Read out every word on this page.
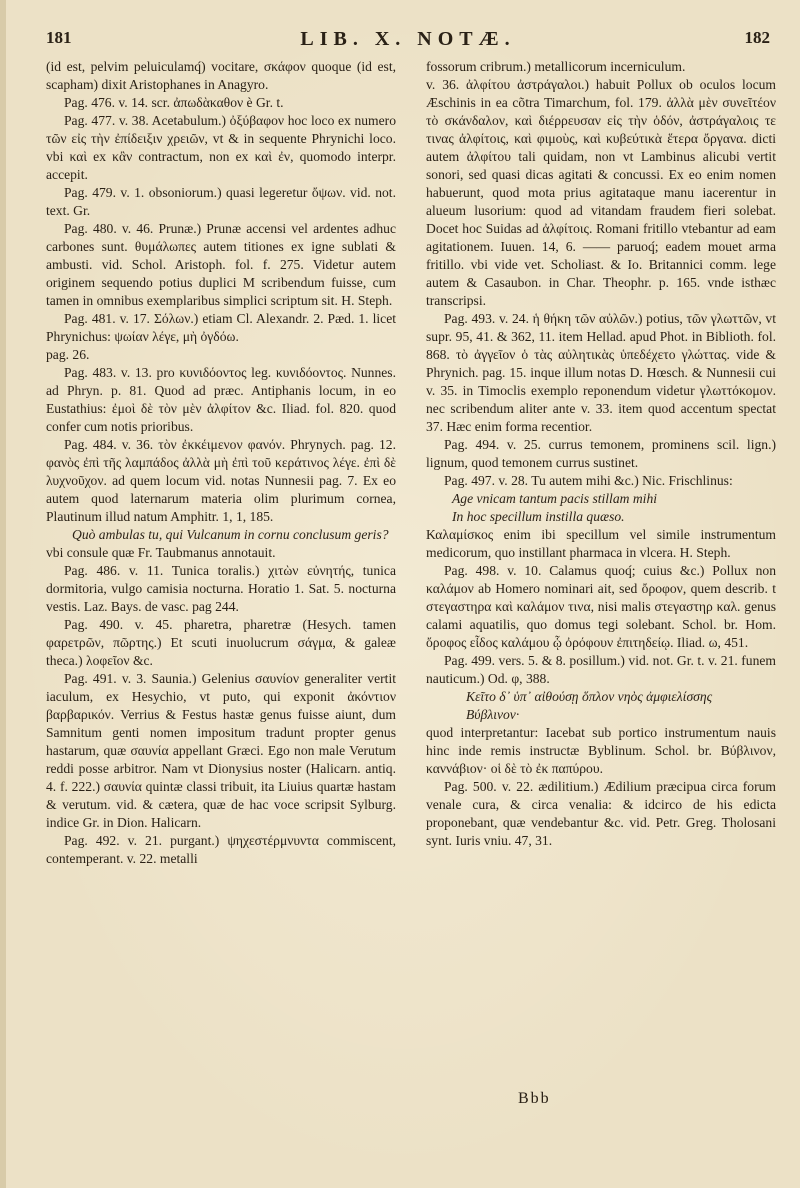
181	LIB. X. NOTÆ.	182

(id est, pelvim peluiculamq́) vocitare, σκάφον quoque (id est, scapham) dixit Aristophanes in Anagyro.

Pag. 476. v. 14. scr. ἀπωδὰκαθον è Gr. t.

Pag. 477. v. 38. Acetabulum.) ὀξύβαφον hoc loco ex numero τῶν εἰς τὴν ἐπίδειξιν χρειῶν, vt & in sequente Phrynichi loco. vbi καὶ ex κἂν contractum, non ex καὶ ἐν, quomodo interpr. accepit.

Pag. 479. v. 1. obsoniorum.) quasi legeretur ὄψων. vid. not. text. Gr.

Pag. 480. v. 46. Prunæ.) Prunæ accensi vel ardentes adhuc carbones sunt. θυμάλωπες autem titiones ex igne sublati & ambusti. vid. Schol. Aristoph. fol. f. 275. Videtur autem originem sequendo potius duplici M scribendum fuisse, cum tamen in omnibus exemplaribus simplici scriptum sit. H. Steph.

Pag. 481. v. 17. Σόλων.) etiam Cl. Alexandr. 2. Pæd. 1. licet Phrynichus: ψωίαν λέγε, μὴ ὀγδόω.

pag. 26.

Pag. 483. v. 13. pro κυνιδόοντος leg. κυνιδόοντος. Nunnes. ad Phryn. p. 81. Quod ad præc. Antiphanis locum, in eo Eustathius: ἐμοὶ δὲ τὸν μὲν ἀλφίτον &c. Iliad. fol. 820. quod confer cum notis prioribus.

Pag. 484. v. 36. τὸν ἐκκέιμενον φανόν. Phrynych. pag. 12. φανὸς ἐπὶ τῆς λαμπάδος ἀλλὰ μὴ ἐπὶ τοῦ κεράτινος λέγε. ἐπὶ δὲ λυχνοῦχον. ad quem locum vid. notas Nunnesii pag. 7. Ex eo autem quod laternarum materia olim plurimum cornea, Plautinum illud natum Amphitr. 1, 1, 185.

Quò ambulas tu, qui Vulcanum in cornu conclusum geris?

vbi consule quæ Fr. Taubmanus annotauit.

Pag. 486. v. 11. Tunica toralis.) χιτὼν εὐνητής, tunica dormitoria, vulgo camisia nocturna. Horatio 1. Sat. 5. nocturna vestis. Laz. Bays. de vasc. pag 244.

Pag. 490. v. 45. pharetra, pharetræ (Hesych. tamen φαρετρῶν, πῶρτης.) Et scuti inuolucrum σάγμα, & galeæ theca.) λοφεῖον &c.

Pag. 491. v. 3. Saunia.) Gelenius σαυνίον generaliter vertit iaculum, ex Hesychio, vt puto, qui exponit ἀκόντιον βαρβαρικόν. Verrius & Festus hastæ genus fuisse aiunt, dum Samnitum genti nomen impositum tradunt propter genus hastarum, quæ σαυνία appellant Græci. Ego non male Verutum reddi posse arbitror. Nam vt Dionysius noster (Halicarn. antiq. 4. f. 222.) σαυνία quintæ classi tribuit, ita Liuius quartæ hastam & verutum. vid. & cætera, quæ de hac voce scripsit Sylburg. indice Gr. in Dion. Halicarn.

Pag. 492. v. 21. purgant.) ψηχεστέρμνυντα commiscent, contemperant. v. 22. metalli

fossorum cribrum.) metallicorum incerniculum.

v. 36. ἀλφίτου ἀστράγαλοι.) habuit Pollux ob oculos locum Æschinis in ea cõtra Timarchum, fol. 179. ἀλλὰ μὲν συνεῖτέον τὸ σκάνδαλον, καὶ διέρρευσαν εἰς τὴν ὁδόν, ἀστράγαλοις τε τινας ἀλφίτοις, καὶ φιμοὺς, καὶ κυβεύτικὰ ἕτερα ὄργανα. dicti autem ἀλφίτου tali quidam, non vt Lambinus alicubi vertit sonori, sed quasi dicas agitati & concussi. Ex eo enim nomen habuerunt, quod mota prius agitataque manu iacerentur in alueum lusorium: quod ad vitandam fraudem fieri solebat. Docet hoc Suidas ad ἀλφίτοις. Romani fritillo vtebantur ad eam agitationem. Iuuen. 14, 6. —— paruoq́; eadem mouet arma fritillo. vbi vide vet. Scholiast. & Io. Britannici comm. lege autem & Casaubon. in Char. Theophr. p. 165. vnde isthæc transcripsi.

Pag. 493. v. 24. ἡ θήκη τῶν αὐλῶν.) potius, τῶν γλωττῶν, vt supr. 95, 41. & 362, 11. item Hellad. apud Phot. in Biblioth. fol. 868. τὸ ἀγγεῖον ὁ τὰς αὐλητικὰς ὑπεδέχετο γλώττας. vide & Phrynich. pag. 15. inque illum notas D. Hœsch. & Nunnesii cui v. 35. in Timoclis exemplo reponendum videtur γλωττόκομον. nec scribendum aliter ante v. 33. item quod accentum spectat 37. Hæc enim forma recentior.

Pag. 494. v. 25. currus temonem, prominens scil. lign.) lignum, quod temonem currus sustinet.

Pag. 497. v. 28. Tu autem mihi &c.) Nic. Frischlinus:

Age vnicam tantum pacis stillam mihi

In hoc specillum instilla quæso.

Καλαμίσκος enim ibi specillum vel simile instrumentum medicorum, quo instillant pharmaca in vlcera. H. Steph.

Pag. 498. v. 10. Calamus quoq́; cuius &c.) Pollux non καλάμον ab Homero nominari ait, sed ὄροφον, quem describ. t στεγαστηρα καὶ καλάμον τινα, nisi malis στεγαστηρ καλ. genus calami aquatilis, quo domus tegi solebant. Schol. br. Hom. ὄροφος εἶδος καλάμου ᾧ ὀρόφουν ἐπιτηδείῳ. Iliad. ω, 451.

Pag. 499. vers. 5. & 8. posillum.) vid. not. Gr. t. v. 21. funem nauticum.) Od. φ, 388.

Κεῖτο δ᾽ ὑπ᾽ αἰθούσῃ ὅπλον νηὸς ἀμφιελίσσης

Βύβλινον·

quod interpretantur: Iacebat sub portico instrumentum nauis hinc inde remis instructæ Byblinum. Schol. br. Βύβλινον, καννάβιον· οἱ δὲ τὸ ἐκ παπύρου.

Pag. 500. v. 22. ædilitium.) Ædilium præcipua circa forum venale cura, & circa venalia: & idcirco de his edicta proponebant, quæ vendebantur &c. vid. Petr. Greg. Tholosani synt. Iuris vniu. 47, 31.

Bbb
